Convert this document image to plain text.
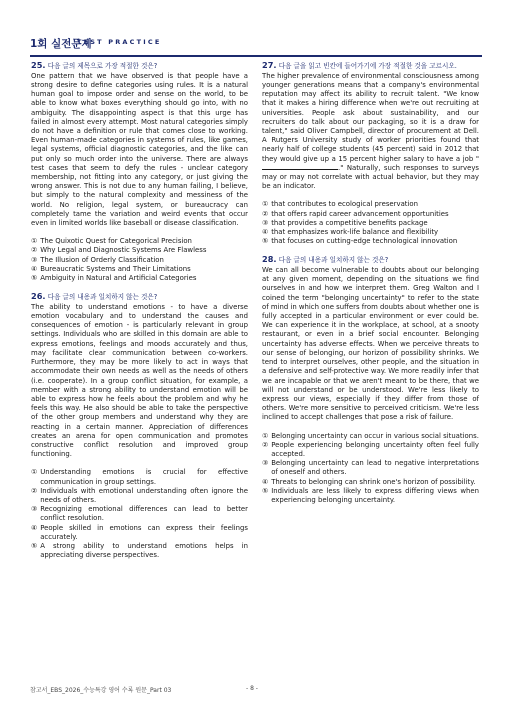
1회 실전문제
TEST PRACTICE
25. 다음 글의 제목으로 가장 적절한 것은?

One pattern that we have observed is that people have a strong desire to define categories using rules. It is a natural human goal to impose order and sense on the world, to be able to know what boxes everything should go into, with no ambiguity. The disappointing aspect is that this urge has failed in almost every attempt. Most natural categories simply do not have a definition or rule that comes close to working. Even human-made categories in systems of rules, like games, legal systems, official diagnostic categories, and the like can put only so much order into the universe. There are always test cases that seem to defy the rules - unclear category membership, not fitting into any category, or just giving the wrong answer. This is not due to any human failing, I believe, but simply to the natural complexity and messiness of the world. No religion, legal system, or bureaucracy can completely tame the variation and weird events that occur even in limited worlds like baseball or disease classification.

① The Quixotic Quest for Categorical Precision
② Why Legal and Diagnostic Systems Are Flawless
③ The Illusion of Orderly Classification
④ Bureaucratic Systems and Their Limitations
⑤ Ambiguity in Natural and Artificial Categories
26. 다음 글의 내용과 일치하지 않는 것은?

The ability to understand emotions - to have a diverse emotion vocabulary and to understand the causes and consequences of emotion - is particularly relevant in group settings. Individuals who are skilled in this domain are able to express emotions, feelings and moods accurately and thus, may facilitate clear communication between co-workers. Furthermore, they may be more likely to act in ways that accommodate their own needs as well as the needs of others (i.e. cooperate). In a group conflict situation, for example, a member with a strong ability to understand emotion will be able to express how he feels about the problem and why he feels this way. He also should be able to take the perspective of the other group members and understand why they are reacting in a certain manner. Appreciation of differences creates an arena for open communication and promotes constructive conflict resolution and improved group functioning.

① Understanding emotions is crucial for effective communication in group settings.
② Individuals with emotional understanding often ignore the needs of others.
③ Recognizing emotional differences can lead to better conflict resolution.
④ People skilled in emotions can express their feelings accurately.
⑤ A strong ability to understand emotions helps in appreciating diverse perspectives.
27. 다음 글을 읽고 빈칸에 들어가기에 가장 적절한 것을 고르시오.

The higher prevalence of environmental consciousness among younger generations means that a company's environmental reputation may affect its ability to recruit talent. "We know that it makes a hiring difference when we're out recruiting at universities. People ask about sustainability, and our recruiters do talk about our packaging, so it is a draw for talent," said Oliver Campbell, director of procurement at Dell. A Rutgers University study of worker priorities found that nearly half of college students (45 percent) said in 2012 that they would give up a 15 percent higher salary to have a job "." Naturally, such responses to surveys may or may not correlate with actual behavior, but they may be an indicator.

① that contributes to ecological preservation
② that offers rapid career advancement opportunities
③ that provides a competitive benefits package
④ that emphasizes work-life balance and flexibility
⑤ that focuses on cutting-edge technological innovation
28. 다음 글의 내용과 일치하지 않는 것은?

We can all become vulnerable to doubts about our belonging at any given moment, depending on the situations we find ourselves in and how we interpret them. Greg Walton and I coined the term "belonging uncertainty" to refer to the state of mind in which one suffers from doubts about whether one is fully accepted in a particular environment or ever could be. We can experience it in the workplace, at school, at a snooty restaurant, or even in a brief social encounter. Belonging uncertainty has adverse effects. When we perceive threats to our sense of belonging, our horizon of possibility shrinks. We tend to interpret ourselves, other people, and the situation in a defensive and self-protective way. We more readily infer that we are incapable or that we aren't meant to be there, that we will not understand or be understood. We're less likely to express our views, especially if they differ from those of others. We're more sensitive to perceived criticism. We're less inclined to accept challenges that pose a risk of failure.

① Belonging uncertainty can occur in various social situations.
② People experiencing belonging uncertainty often feel fully accepted.
③ Belonging uncertainty can lead to negative interpretations of oneself and others.
④ Threats to belonging can shrink one's horizon of possibility.
⑤ Individuals are less likely to express differing views when experiencing belonging uncertainty.
참고서_EBS_2026_수능특강 영어 수록 원문_Part 03	- 8 -
